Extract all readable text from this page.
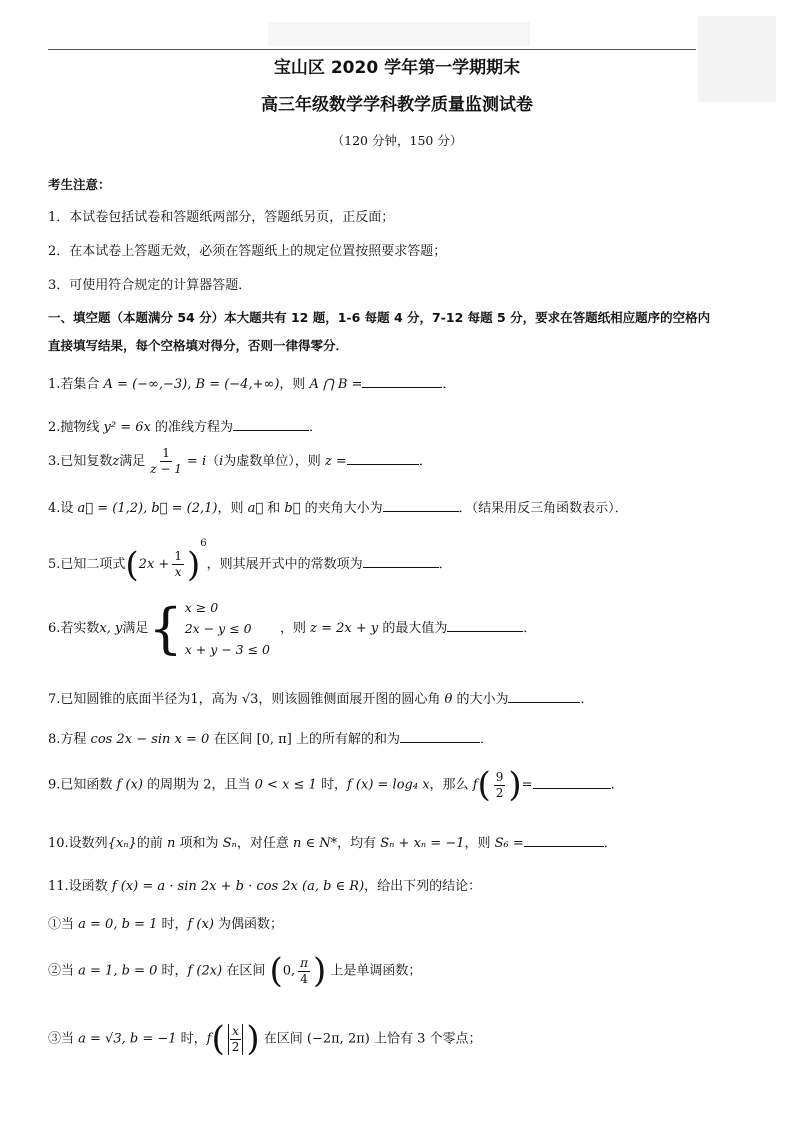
宝山区 2020 学年第一学期期末
高三年级数学学科教学质量监测试卷
（120 分钟，150 分）
考生注意：
1．本试卷包括试卷和答题纸两部分，答题纸另页，正反面；
2．在本试卷上答题无效，必须在答题纸上的规定位置按照要求答题；
3．可使用符合规定的计算器答题．
一、填空题（本题满分 54 分）本大题共有 12 题，1-6 每题 4 分，7-12 每题 5 分，要求在答题纸相应题序的空格内
直接填写结果，每个空格填对得分，否则一律得零分．
1.若集合 A = (−∞,−3), B = (−4,+∞)，则 A ⋂ B =	．
2.抛物线 y² = 6x 的准线方程为	．
3.已知复数z满足 $\frac{1}{z - 1} = i(i$为虚数单位），则 z =	．
4.设 a⃗ = (1,2), b⃗ = (2,1)，则 a⃗ 和 b⃗ 的夹角大小为	．（结果用反三角函数表示）．
5.已知二项式$(2x + \frac{1}{x} )^6$，则其展开式中的常数项为	．
6.若实数x, y满足 { x ≥ 0
2x − y ≤ 0
x + y − 3 ≤ 0
，则 z = 2x + y 的最大值为	．
7.已知圆锥的底面半径为1，高为 √3，则该圆锥侧面展开图的圆心角 θ 的大小为	．
8.方程 cos 2x − sin x = 0 在区间 [0, π] 上的所有解的和为	．
9.已知函数 f (x) 的周期为 2，且当 0 < x ≤ 1 时，f (x) = log₄ x，那么 $f( \frac{9}{2}$ )=	．
10.设数列{xₙ}的前 n 项和为 Sₙ，对任意 n ∈ N*，均有 Sₙ + xₙ = −1，则 S₆ =	．
11.设函数 f (x) = a · sin 2x + b · cos 2x (a, b ∈ R)，给出下列的结论：
①当 a = 0, b = 1 时，f (x) 为偶函数；
②当 a = 1, b = 0 时，f (2x) 在区间 (0, $\frac{\pi}{4}$ ) 上是单调函数；
③当 a = √3, b = −1 时，$f( \frac{x}{2}$ ) 在区间 (−2π, 2π) 上恰有 3 个零点；
